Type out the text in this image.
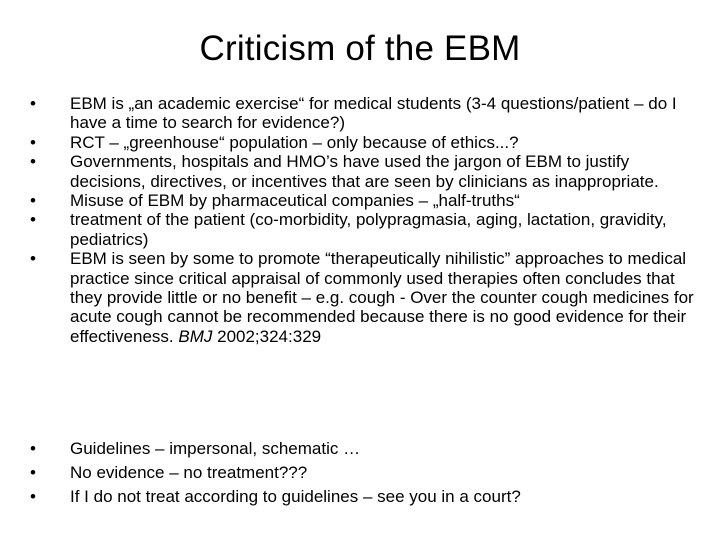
Criticism of the EBM
• EBM is „an academic exercise“ for medical students (3-4 questions/patient – do I have a time to search for evidence?)
• RCT – „greenhouse“ population – only because of ethics...?
• Governments, hospitals and HMO’s have used the jargon of EBM to justify decisions, directives, or incentives that are seen by clinicians as inappropriate.
• Misuse of EBM by pharmaceutical companies – „half-truths“
• treatment of the patient (co-morbidity, polypragmasia, aging, lactation, gravidity, pediatrics)
• EBM is seen by some to promote “therapeutically nihilistic” approaches to medical practice since critical appraisal of commonly used therapies often concludes that they provide little or no benefit – e.g. cough - Over the counter cough medicines for acute cough cannot be recommended because there is no good evidence for their effectiveness. BMJ 2002;324:329
• Guidelines – impersonal, schematic …
• No evidence – no treatment???
• If I do not treat according to guidelines – see you in a court?
